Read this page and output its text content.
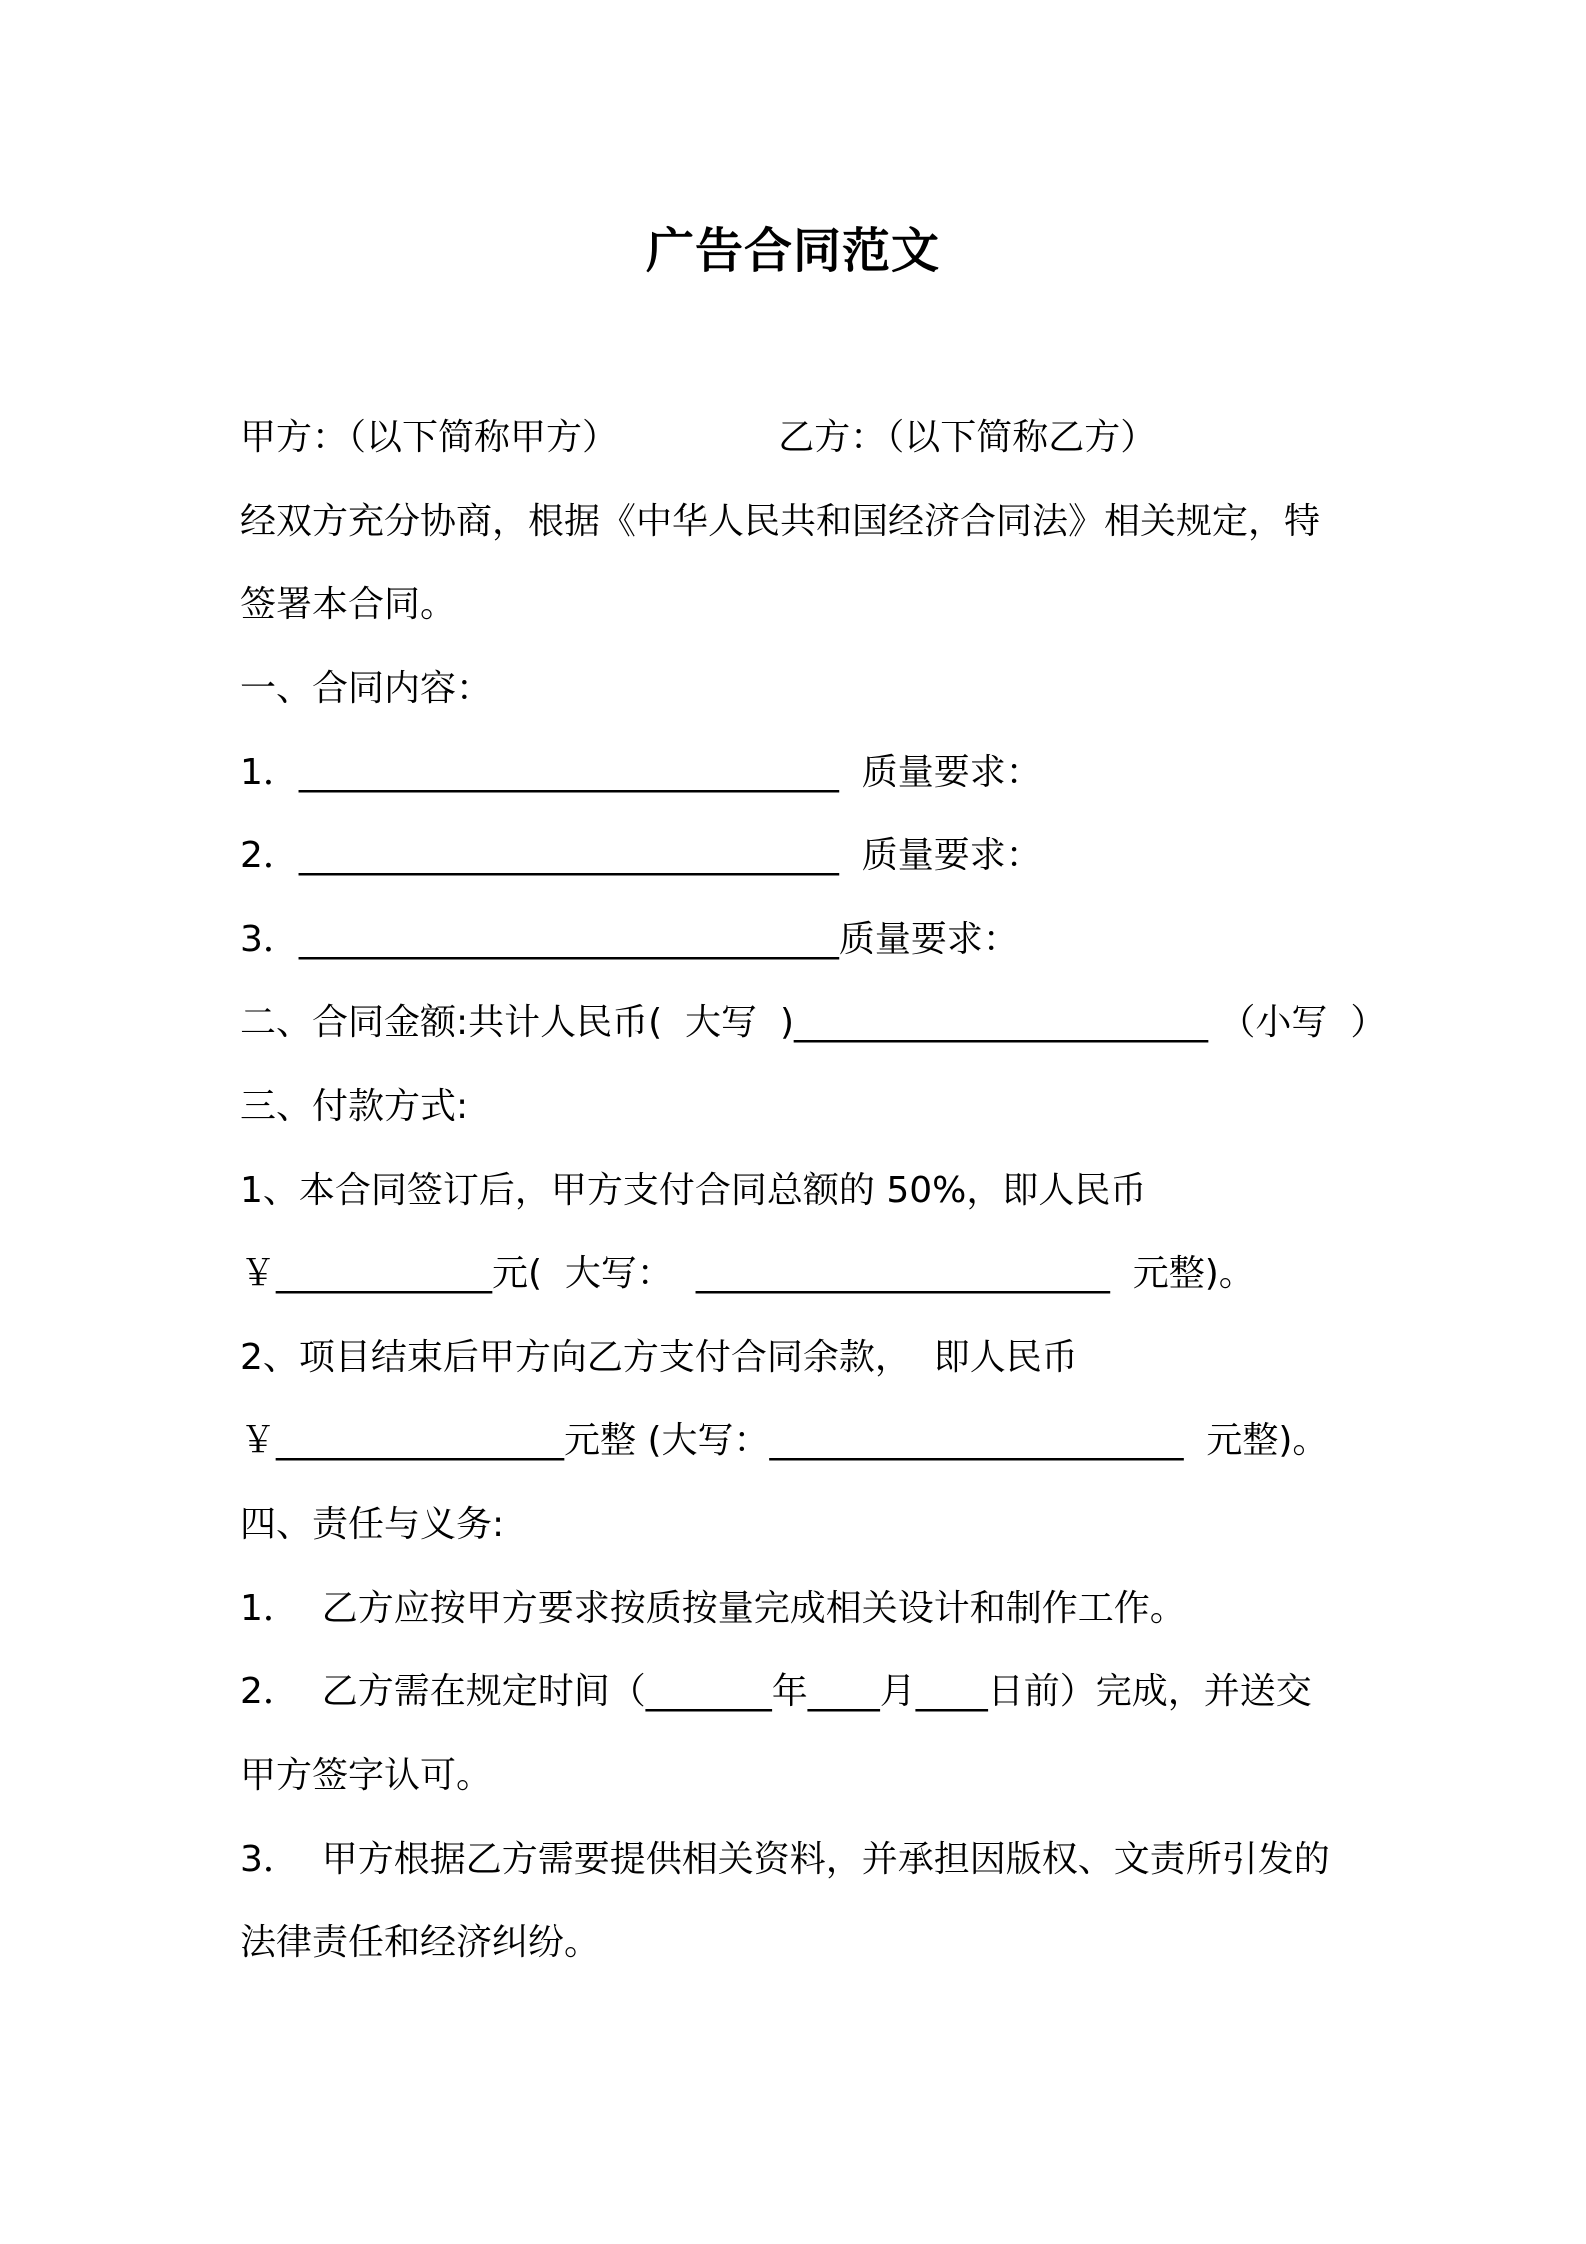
广告合同范文
甲方：（以下简称甲方）              乙方：（以下简称乙方）
经双方充分协商，根据《中华人民共和国经济合同法》相关规定，特
签署本合同。
一、合同内容：
1．______________________________  质量要求：
2．______________________________  质量要求：
3．______________________________质量要求：
二、合同金额:共计人民币(  大写  )_______________________ （小写  ）
三、付款方式:
1、本合同签订后，甲方支付合同总额的 50%，即人民币
￥____________元(  大写：  _______________________  元整)。
2、项目结束后甲方向乙方支付合同余款，  即人民币
￥________________元整 (大写：_______________________  元整)。
四、责任与义务:
1．  乙方应按甲方要求按质按量完成相关设计和制作工作。
2．  乙方需在规定时间（_______年____月____日前）完成，并送交
甲方签字认可。
3．  甲方根据乙方需要提供相关资料，并承担因版权、文责所引发的
法律责任和经济纠纷。
